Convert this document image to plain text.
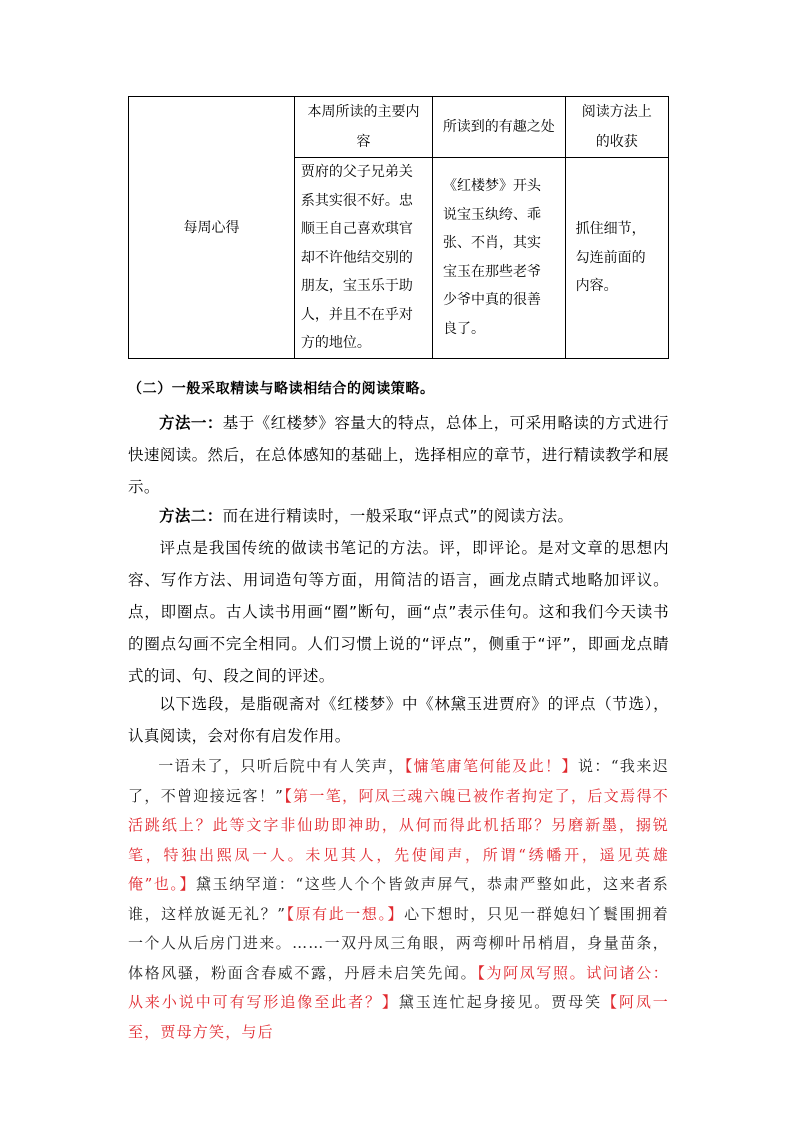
每周心得	本周所读的主要内容	所读到的有趣之处	阅读方法上的收获
	贾府的父子兄弟关系其实很不好。忠顺王自己喜欢琪官却不许他结交别的朋友，宝玉乐于助人，并且不在乎对方的地位。	《红楼梦》开头说宝玉纨绔、乖张、不肖，其实宝玉在那些老爷少爷中真的很善良了。	抓住细节，勾连前面的内容。
（二）一般采取精读与略读相结合的阅读策略。
方法一：基于《红楼梦》容量大的特点，总体上，可采用略读的方式进行快速阅读。然后，在总体感知的基础上，选择相应的章节，进行精读教学和展示。
方法二：而在进行精读时，一般采取“评点式”的阅读方法。
评点是我国传统的做读书笔记的方法。评，即评论。是对文章的思想内容、写作方法、用词造句等方面，用简洁的语言，画龙点睛式地略加评议。点，即圈点。古人读书用画“圈”断句，画“点”表示佳句。这和我们今天读书的圈点勾画不完全相同。人们习惯上说的“评点”，侧重于“评”，即画龙点睛式的词、句、段之间的评述。
以下选段，是脂砚斋对《红楼梦》中《林黛玉进贾府》的评点（节选），认真阅读，会对你有启发作用。
一语未了，只听后院中有人笑声，【慵笔庸笔何能及此！】说：“我来迟了，不曾迎接远客！”【第一笔，阿凤三魂六魄已被作者拘定了，后文焉得不活跳纸上？此等文字非仙助即神助，从何而得此机括耶？另磨新墨，搦锐笔，特独出熙凤一人。未见其人，先使闻声，所谓“绣幡开，遥见英雄俺”也。】黛玉纳罕道：“这些人个个皆敛声屏气，恭肃严整如此，这来者系谁，这样放诞无礼？”【原有此一想。】心下想时，只见一群媳妇丫鬟围拥着一个人从后房门进来。……一双丹凤三角眼，两弯柳叶吊梢眉，身量苗条，体格风骚，粉面含春威不露，丹唇未启笑先闻。【为阿凤写照。试问诸公：从来小说中可有写形追像至此者？】黛玉连忙起身接见。贾母笑【阿凤一至，贾母方笑，与后
